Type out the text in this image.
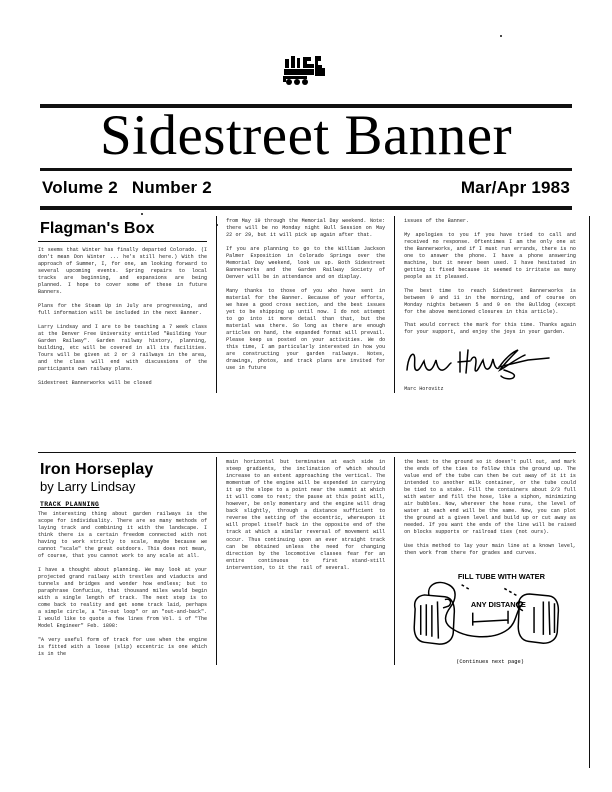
Sidestreet Banner
Volume 2 Number 2	Mar/Apr 1983
Flagman's Box

It seems that Winter has finally departed Colorado. (I don't mean Don Winter ... he's still here.) With the approach of Summer, I, for one, am looking forward to several upcoming events. Spring repairs to local tracks are beginning, and expansions are being planned. I hope to cover some of these in future Banners.

Plans for the Steam Up in July are progressing, and full information will be included in the next Banner.

Larry Lindsay and I are to be teaching a 7 week class at the Denver Free University entitled "Building Your Garden Railway". Garden railway history, planning, building, etc will be covered in all its facilities. Tours will be given at 2 or 3 railways in the area, and the class will end with discussions of the participants own railway plans.

Sidestreet Bannerworks will be closed

from May 19 through the Memorial Day weekend. Note: there will be no Monday night Bull Session on May 22 or 29, but it will pick up again after that.

If you are planning to go to the William Jackson Palmer Exposition in Colorado Springs over the Memorial Day weekend, look us up. Both Sidestreet Bannerworks and the Garden Railway Society of Denver will be in attendance and on display.

Many thanks to those of you who have sent in material for the Banner. Because of your efforts, we have a good cross section, and the best issues yet to be shipping up until now. I do not attempt to go into it more detail than that, but the material was there. So long as there are enough articles on hand, the expanded format will prevail. Please keep us posted on your activities. We do this time, I am particularly interested in how you are constructing your garden railways. Notes, drawings, photos, and track plans are invited for use in future

issues of the Banner.

My apologies to you if you have tried to call and received no response. Oftentimes I am the only one at the Bannerworks, and if I must run errands, there is no one to answer the phone. I have a phone answering machine, but it never been used. I have hesitated in getting it fixed because it seemed to irritate as many people as it pleased.

The best time to reach Sidestreet Bannerworks is between 9 and 11 in the morning, and of course on Monday nights between 5 and 9 on the Bulldog (except for the above mentioned closures in this article).

That would correct the mark for this time. Thanks again for your support, and enjoy the joys in your garden.

Marc Horovitz
Iron Horseplay
by Larry Lindsay
TRACK PLANNING

The interesting thing about garden railways is the scope for individuality. There are so many methods of laying track and combining it with the landscape. I think there is a certain freedom connected with not having to work strictly to scale, maybe because we cannot "scale" the great outdoors. This does not mean, of course, that you cannot work to any scale at all.

I have a thought about planning. We may look at your projected grand railway with trestles and viaducts and tunnels and bridges and wonder how endless; but to paraphrase Confucius, that thousand miles would begin with a single length of track. The next step is to come back to reality and get some track laid, perhaps a simple circle, a "in-out loop" or an "out-and-back". I would like to quote a few lines from Vol. 1 of "The Model Engineer" Feb. 1898:

"A very useful form of track for use when the engine is fitted with a loose (slip) eccentric is one which is in the

main horizontal but terminates at each side in steep gradients, the inclination of which should increase to an extent approaching the vertical. The momentum of the engine will be expended in carrying it up the slope to a point near the summit at which it will come to rest; the pause at this point will, however, be only momentary and the engine will drag back slightly, through a distance sufficient to reverse the setting of the eccentric, whereupon it will propel itself back in the opposite end of the track at which a similar reversal of movement will occur. Thus continuing upon an ever straight track can be obtained unless the need for changing direction by the locomotive classes fear for an entire continuous to first stand-still intervention, to it the rail of several.

the best to the ground so it doesn't pull out, and mark the ends of the ties to follow this the ground up. The value end of the tube can then be cut away of it it is intended to another milk container, or the tube could be tied to a stake. Fill the containers about 2/3 full with water and fill the hose, like a siphon, minimizing air bubbles. Now, wherever the hose runs, the level of water at each end will be the same. Now, you can plot the ground at a given level and build up or cut away as needed. If you want the ends of the line will be raised on blocks supports or railroad ties (not ours).

Use this method to lay your main line at a known level, then work from there for grades and curves.

FILL TUBE WITH WATER
ANY DISTANCE
(Continues next page)
